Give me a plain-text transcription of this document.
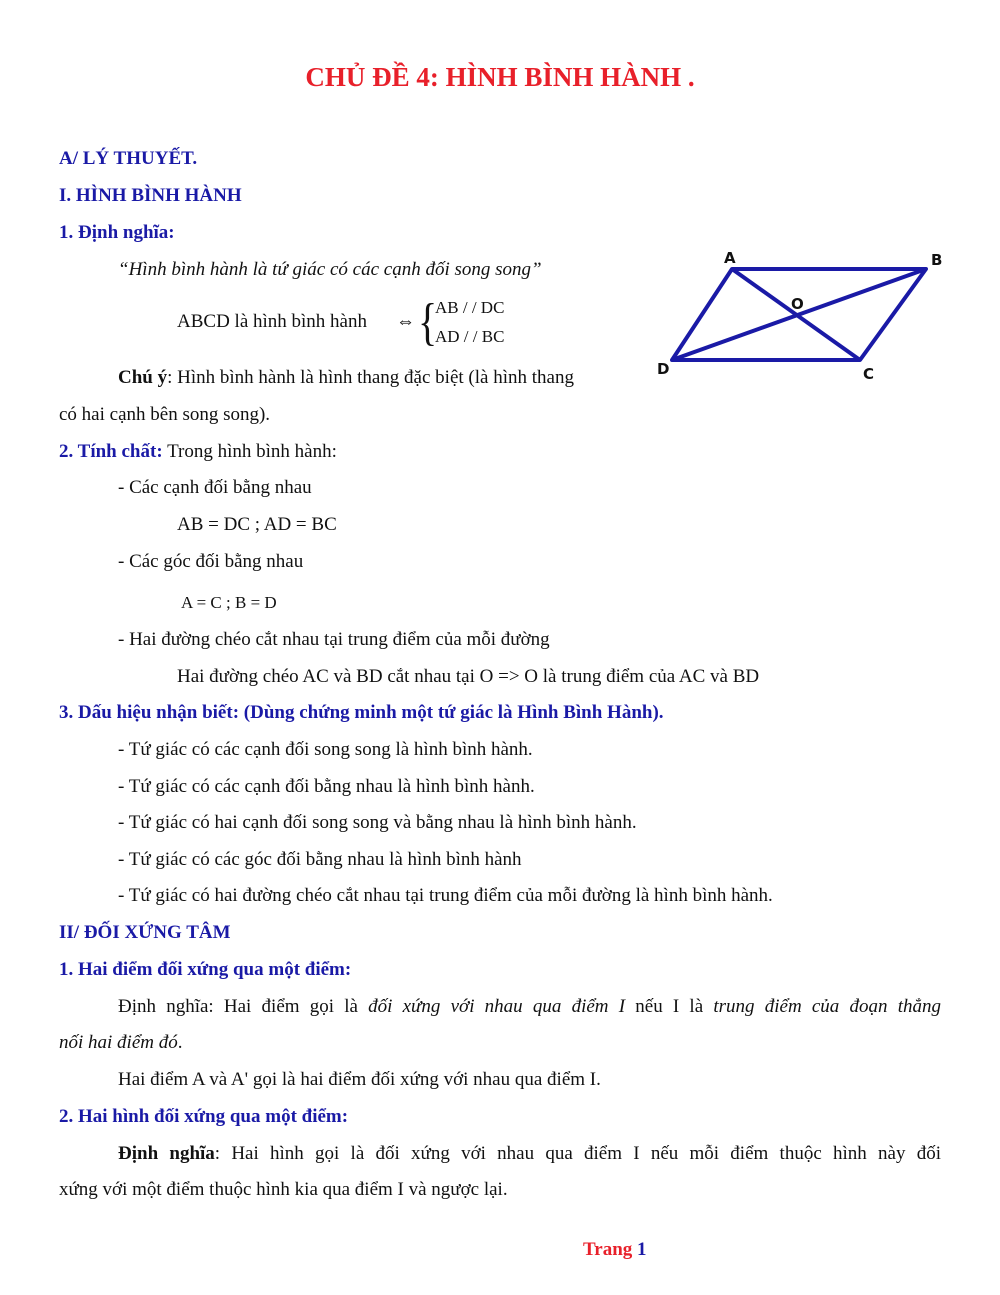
CHỦ ĐỀ 4: HÌNH BÌNH HÀNH .
A/ LÝ THUYẾT.
I. HÌNH BÌNH HÀNH
1. Định nghĩa:
“Hình bình hành là tứ giác có các cạnh đối song song”
ABCD là hình bình hành ⇔ {
AB / / DC
AD / / BC
A	B
C
D
O
Chú ý: Hình bình hành là hình thang đặc biệt (là hình thang
có hai cạnh bên song song).
2. Tính chất: Trong hình bình hành:
- Các cạnh đối bằng nhau
AB = DC ; AD = BC
- Các góc đối bằng nhau
A = C ; B = D
- Hai đường chéo cắt nhau tại trung điểm của mỗi đường
Hai đường chéo AC và BD cắt nhau tại O => O là trung điểm của AC và BD
3. Dấu hiệu nhận biết: (Dùng chứng minh một tứ giác là Hình Bình Hành).
- Tứ giác có các cạnh đối song song là hình bình hành.
- Tứ giác có các cạnh đối bằng nhau là hình bình hành.
- Tứ giác có hai cạnh đối song song và bằng nhau là hình bình hành.
- Tứ giác có các góc đối bằng nhau là hình bình hành
- Tứ giác có hai đường chéo cắt nhau tại trung điểm của mỗi đường là hình bình hành.
II/ ĐỐI XỨNG TÂM
1. Hai điểm đối xứng qua một điểm:
Định nghĩa: Hai điểm gọi là đối xứng với nhau qua điểm I nếu I là trung điểm của đoạn thẳng
nối hai điểm đó.
Hai điểm A và A' gọi là hai điểm đối xứng với nhau qua điểm I.
2. Hai hình đối xứng qua một điểm:
Định nghĩa: Hai hình gọi là đối xứng với nhau qua điểm I nếu mỗi điểm thuộc hình này đối
xứng với một điểm thuộc hình kia qua điểm I và ngược lại.
Trang 1
